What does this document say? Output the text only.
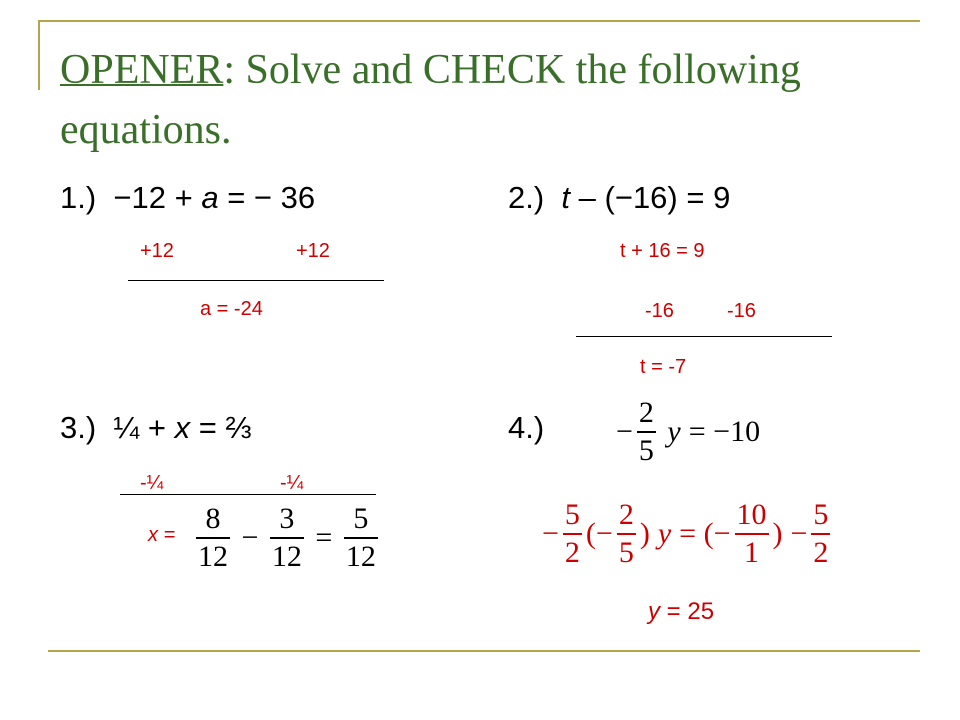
OPENER: Solve and CHECK the following equations.
1.) −12 + a = − 36
+12	+12
a = -24
2.) t – (−16) = 9
t + 16 = 9
-16	-16
t = -7
3.) ¼ + x = ⅔
-¼	-¼
$x = \frac{8}{12} - \frac{3}{12} = \frac{5}{12}$
$4.) - \frac{2}{5}$ y = −10
− $\frac{5}{2}$ (− $\frac{2}{5}$ ) y = (− $\frac{10}{1}$ ) − $\frac{5}{2}$
y = 25
